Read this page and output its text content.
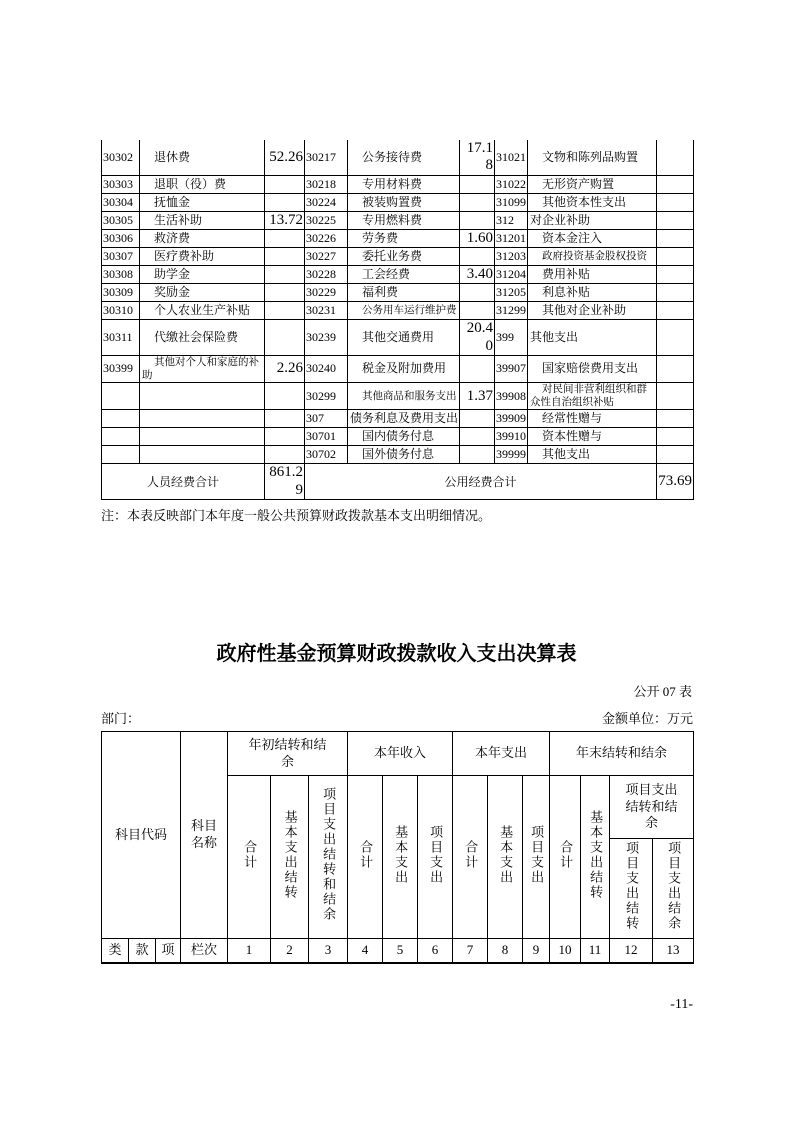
30302	退休费	52.26	30217	公务接待费	17.18	31021	文物和陈列品购置	
30303	退职（役）费		30218	专用材料费		31022	无形资产购置	
30304	抚恤金		30224	被装购置费		31099	其他资本性支出	
30305	生活补助	13.72	30225	专用燃料费		312	对企业补助	
30306	救济费		30226	劳务费	1.60	31201	资本金注入	
30307	医疗费补助		30227	委托业务费		31203	政府投资基金股权投资	
30308	助学金		30228	工会经费	3.40	31204	费用补贴	
30309	奖励金		30229	福利费		31205	利息补贴	
30310	个人农业生产补贴		30231	公务用车运行维护费		31299	其他对企业补助	
30311	代缴社会保险费		30239	其他交通费用	20.40	399	其他支出	
30399	其他对个人和家庭的补助	2.26	30240	税金及附加费用		39907	国家赔偿费用支出	
			30299	其他商品和服务支出	1.37	39908	对民间非营利组织和群众性自治组织补贴	
			307	债务利息及费用支出		39909	经常性赠与	
			30701	国内债务付息		39910	资本性赠与	
			30702	国外债务付息		39999	其他支出	
人员经费合计		861.29	公用经费合计					73.69
注：本表反映部门本年度一般公共预算财政拨款基本支出明细情况。
政府性基金预算财政拨款收入支出决算表
公开 07 表
部门：	金额单位：万元
科目代码			科目名称	年初结转和结余			本年收入			本年支出			年末结转和结余			
				合计	基本支出结转	项目支出结转和结余	合计	基本支出	项目支出	合计	基本支出	项目支出	合计	基本支出结转	项目支出结转和结余	
															项目支出结转	项目支出结余
类	款	项	栏次	1	2	3	4	5	6	7	8	9	10	11	12	13
-11-
